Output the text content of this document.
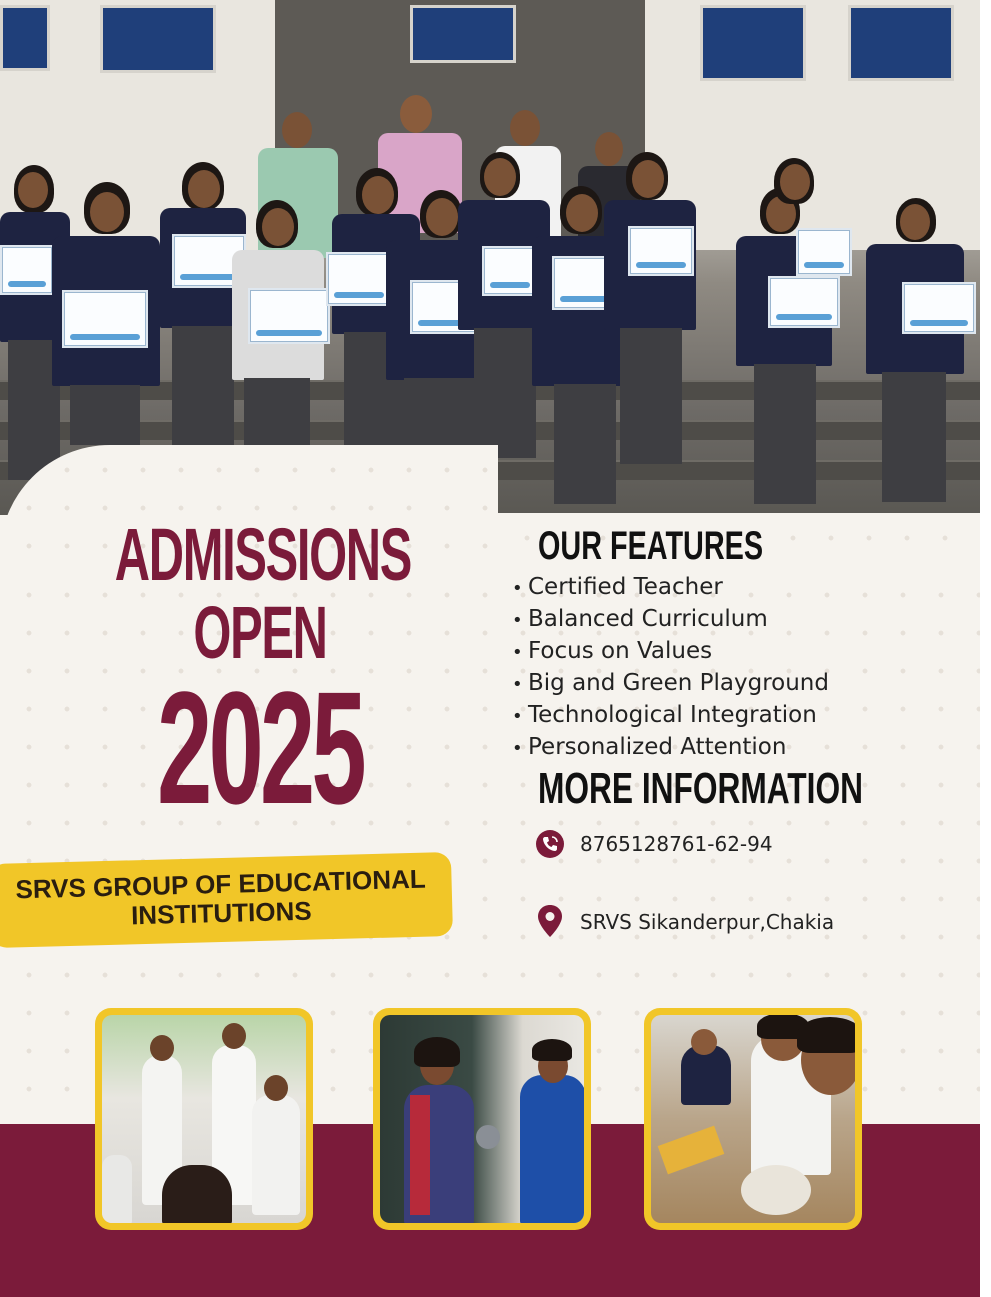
ADMISSIONS
OPEN
2025
SRVS GROUP OF EDUCATIONAL
INSTITUTIONS
OUR FEATURES
• Certified Teacher
• Balanced Curriculum
• Focus on Values
• Big and Green Playground
• Technological Integration
• Personalized Attention
MORE INFORMATION
8765128761-62-94
SRVS Sikanderpur,Chakia
